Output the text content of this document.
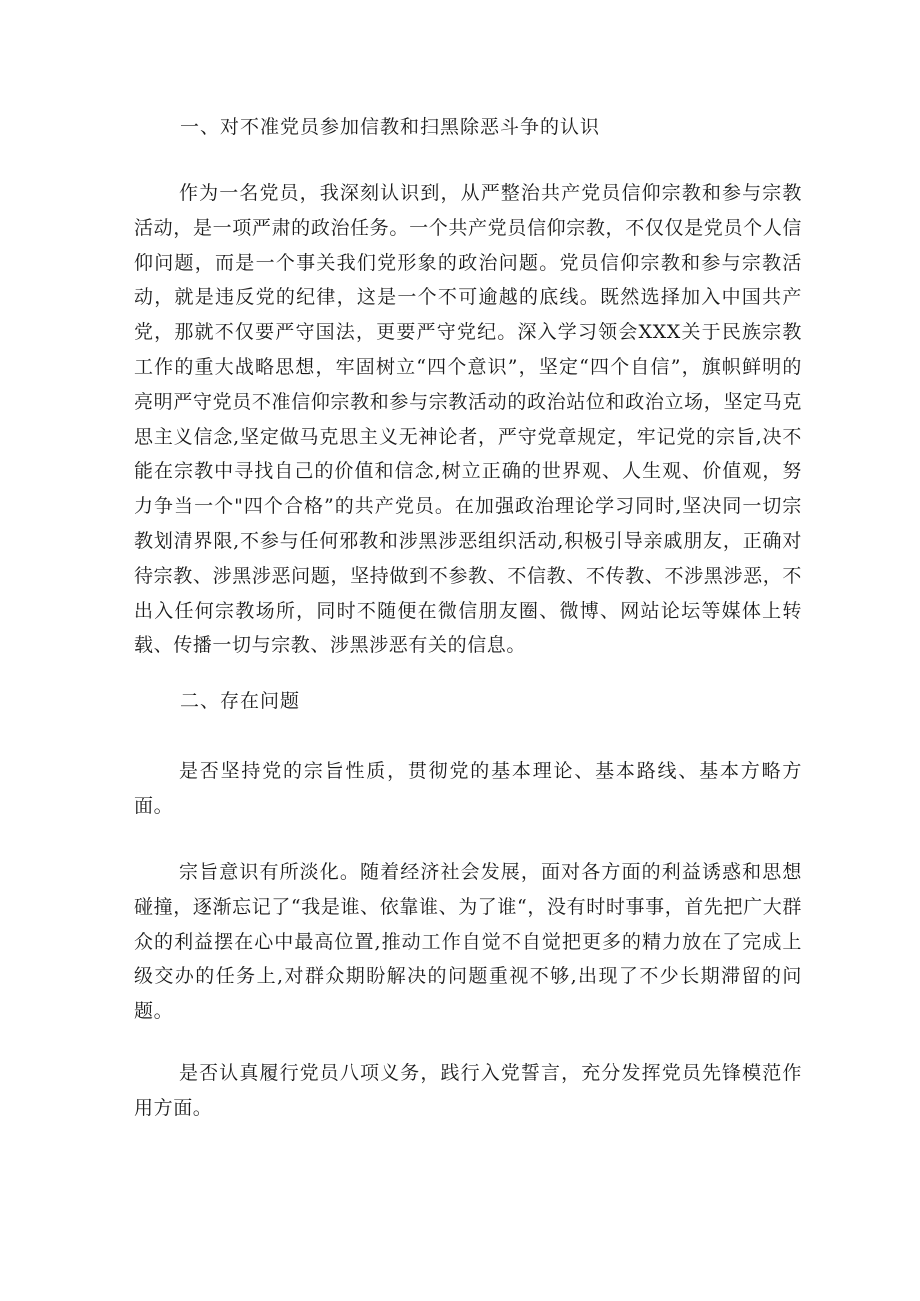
一、对不准党员参加信教和扫黑除恶斗争的认识

作为一名党员，我深刻认识到，从严整治共产党员信仰宗教和参与宗教活动，是一项严肃的政治任务。一个共产党员信仰宗教，不仅仅是党员个人信仰问题，而是一个事关我们党形象的政治问题。党员信仰宗教和参与宗教活动，就是违反党的纪律，这是一个不可逾越的底线。既然选择加入中国共产党，那就不仅要严守国法，更要严守党纪。深入学习领会XXX关于民族宗教工作的重大战略思想，牢固树立“四个意识”，坚定“四个自信”，旗帜鲜明的亮明严守党员不准信仰宗教和参与宗教活动的政治站位和政治立场，坚定马克思主义信念,坚定做马克思主义无神论者，严守党章规定，牢记党的宗旨,决不能在宗教中寻找自己的价值和信念,树立正确的世界观、人生观、价值观，努力争当一个"四个合格”的共产党员。在加强政治理论学习同时,坚决同一切宗教划清界限,不参与任何邪教和涉黑涉恶组织活动,积极引导亲戚朋友，正确对待宗教、涉黑涉恶问题，坚持做到不参教、不信教、不传教、不涉黑涉恶，不出入任何宗教场所，同时不随便在微信朋友圈、微博、网站论坛等媒体上转载、传播一切与宗教、涉黑涉恶有关的信息。

二、存在问题

是否坚持党的宗旨性质，贯彻党的基本理论、基本路线、基本方略方面。

宗旨意识有所淡化。随着经济社会发展，面对各方面的利益诱惑和思想碰撞，逐渐忘记了“我是谁、依靠谁、为了谁“，没有时时事事，首先把广大群众的利益摆在心中最高位置,推动工作自觉不自觉把更多的精力放在了完成上级交办的任务上,对群众期盼解决的问题重视不够,出现了不少长期滞留的问题。

是否认真履行党员八项义务，践行入党誓言，充分发挥党员先锋模范作用方面。
